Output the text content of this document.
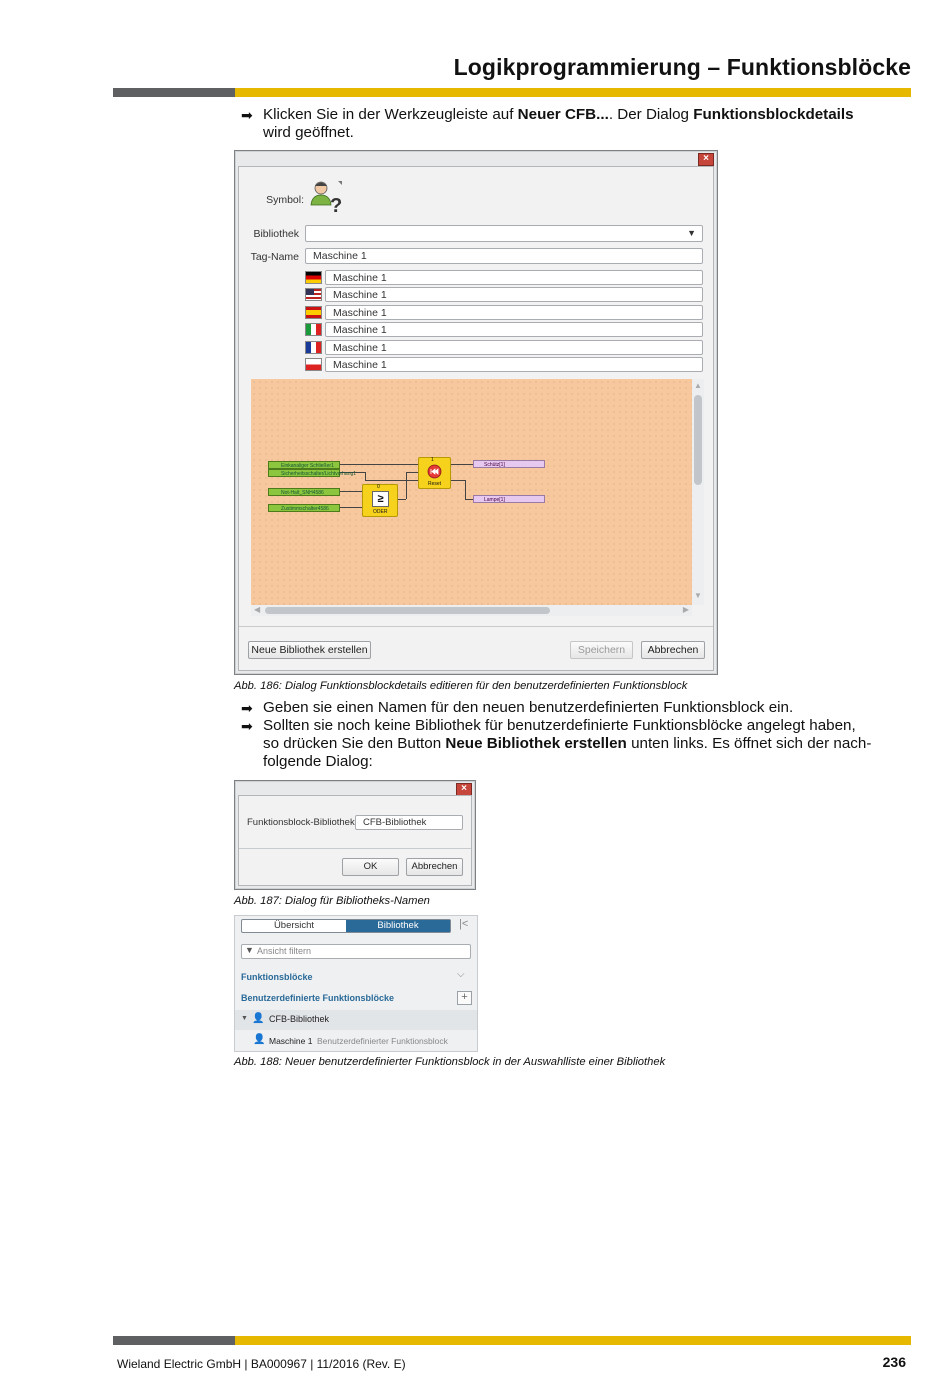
Logikprogrammierung – Funktionsblöcke
➡ Klicken Sie in der Werkzeugleiste auf Neuer CFB.... Der Dialog Funktionsblockdetails
wird geöffnet.
×
Symbol: ?
Bibliothek	▼
Tag-Name	Maschine 1
Maschine 1
Maschine 1
Maschine 1
Maschine 1
Maschine 1
Maschine 1
Einkanaliger Schließer1
Sicherheitsschalter/Lichtvorhang1
Not-Halt_SNH4586
Zustimmschalter4586
1
Reset
0
≥
ODER
Schütz[1]
Lampe[1]
▲
▼
◀	▶
Neue Bibliothek erstellen	Speichern	Abbrechen
Abb. 186: Dialog Funktionsblockdetails editieren für den benutzerdefinierten Funktionsblock
➡ Geben sie einen Namen für den neuen benutzerdefinierten Funktionsblock ein.
➡ Sollten sie noch keine Bibliothek für benutzerdefinierte Funktionsblöcke angelegt haben,
so drücken Sie den Button Neue Bibliothek erstellen unten links. Es öffnet sich der nach-
folgende Dialog:
×
Funktionsblock-Bibliothek CFB-Bibliothek
OK	Abbrechen
Abb. 187: Dialog für Bibliotheks-Namen
Übersicht	Bibliothek	|<
▼ Ansicht filtern
Funktionsblöcke	⌵
Benutzerdefinierte Funktionsblöcke	+
▼ 👤 CFB-Bibliothek
👤 Maschine 1 Benutzerdefinierter Funktionsblock
Abb. 188: Neuer benutzerdefinierter Funktionsblock in der Auswahlliste einer Bibliothek
Wieland Electric GmbH | BA000967 | 11/2016 (Rev. E)	236
